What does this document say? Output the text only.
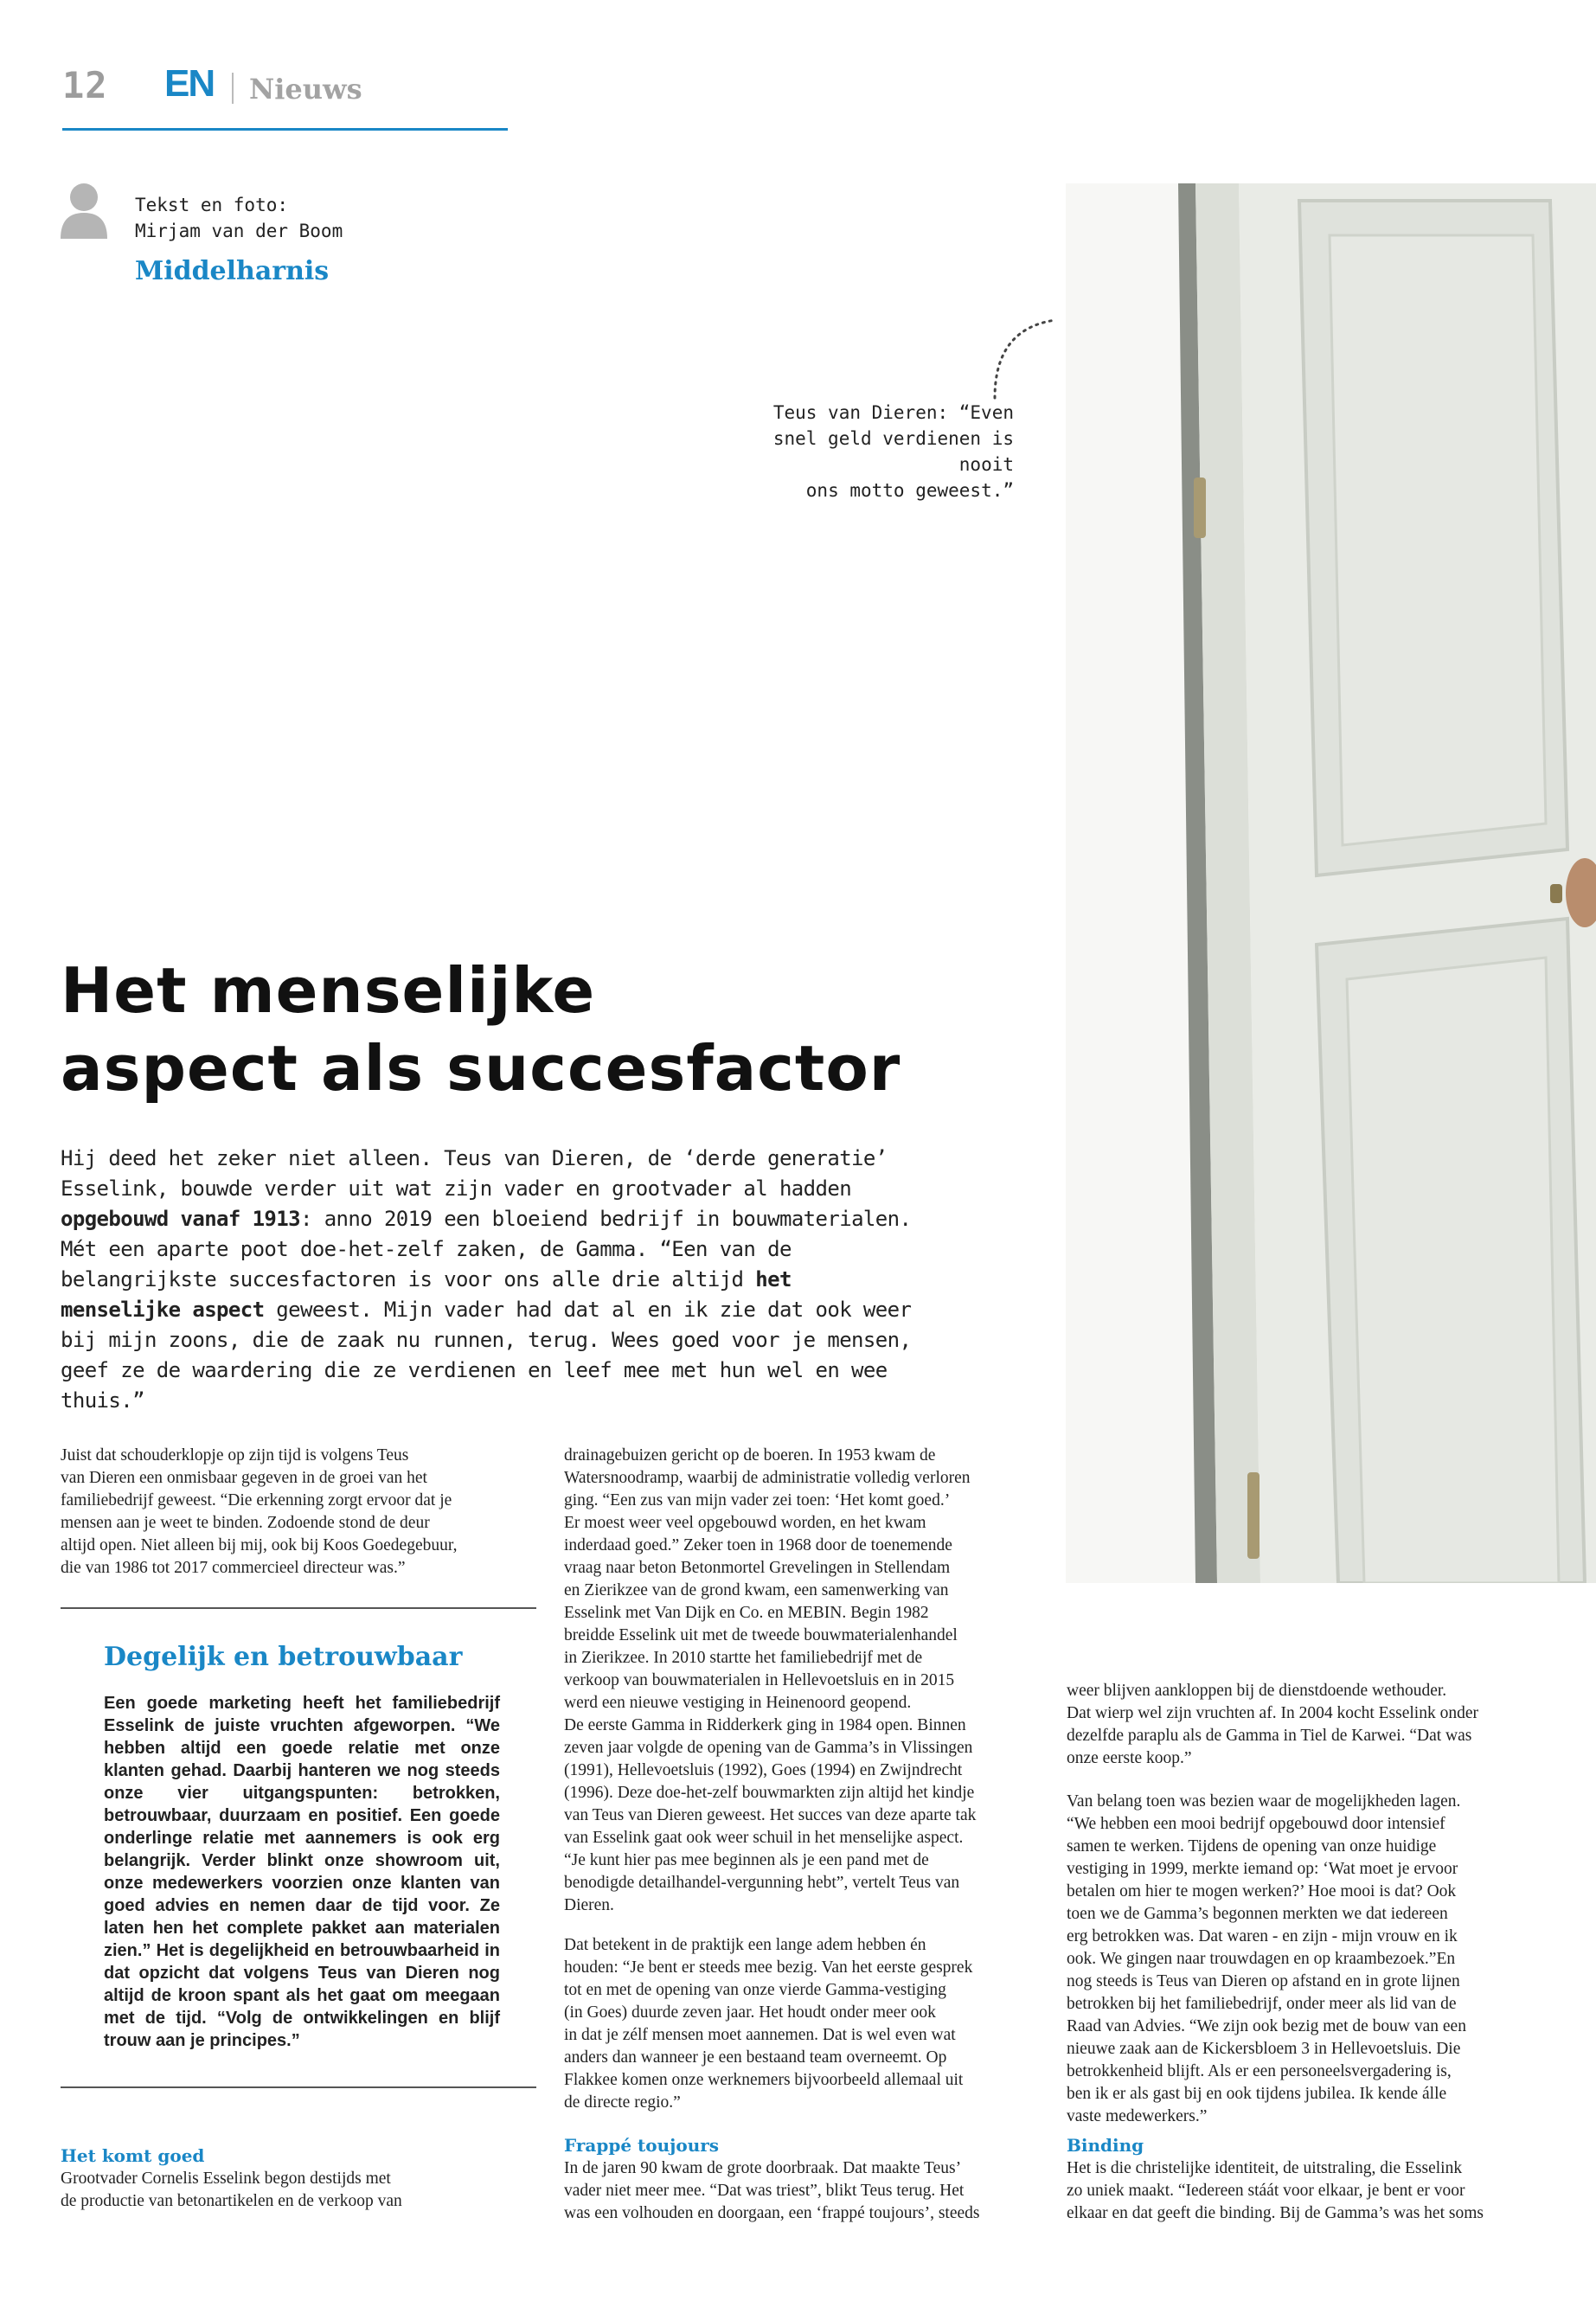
12 EN Nieuws
Tekst en foto:
Mirjam van der Boom
Middelharnis
Teus van Dieren: “Even
snel geld verdienen is nooit
ons motto geweest.”
Het menselijke
aspect als succesfactor
Hij deed het zeker niet alleen. Teus van Dieren, de ‘derde generatie’ Esselink, bouwde verder uit wat zijn vader en grootvader al hadden opgebouwd vanaf 1913: anno 2019 een bloeiend bedrijf in bouwmaterialen. Mét een aparte poot doe-het-zelf zaken, de Gamma. “Een van de belangrijkste succesfactoren is voor ons alle drie altijd het menselijke aspect geweest. Mijn vader had dat al en ik zie dat ook weer bij mijn zoons, die de zaak nu runnen, terug. Wees goed voor je mensen, geef ze de waardering die ze verdienen en leef mee met hun wel en wee thuis.”
Juist dat schouderklopje op zijn tijd is volgens Teus
van Dieren een onmisbaar gegeven in de groei van het
familiebedrijf geweest. “Die erkenning zorgt ervoor dat je
mensen aan je weet te binden. Zodoende stond de deur
altijd open. Niet alleen bij mij, ook bij Koos Goedegebuur,
die van 1986 tot 2017 commercieel directeur was.”
Degelijk en betrouwbaar
Een goede marketing heeft het familiebedrijf Esselink de juiste vruchten afgeworpen. “We hebben altijd een goede relatie met onze klanten gehad. Daarbij hanteren we nog steeds onze vier uitgangspunten: betrokken, betrouwbaar, duurzaam en positief. Een goede onderlinge relatie met aannemers is ook erg belangrijk. Verder blinkt onze showroom uit, onze medewerkers voorzien onze klanten van goed advies en nemen daar de tijd voor. Ze laten hen het complete pakket aan materialen zien.” Het is degelijkheid en betrouwbaarheid in dat opzicht dat volgens Teus van Dieren nog altijd de kroon spant als het gaat om meegaan met de tijd. “Volg de ontwikkelingen en blijf trouw aan je principes.”
Het komt goed
Grootvader Cornelis Esselink begon destijds met
de productie van betonartikelen en de verkoop van
drainagebuizen gericht op de boeren. In 1953 kwam de
Watersnoodramp, waarbij de administratie volledig verloren
ging. “Een zus van mijn vader zei toen: ‘Het komt goed.’
Er moest weer veel opgebouwd worden, en het kwam
inderdaad goed.” Zeker toen in 1968 door de toenemende
vraag naar beton Betonmortel Grevelingen in Stellendam
en Zierikzee van de grond kwam, een samenwerking van
Esselink met Van Dijk en Co. en MEBIN. Begin 1982
breidde Esselink uit met de tweede bouwmaterialenhandel
in Zierikzee. In 2010 startte het familiebedrijf met de
verkoop van bouwmaterialen in Hellevoetsluis en in 2015
werd een nieuwe vestiging in Heinenoord geopend.
De eerste Gamma in Ridderkerk ging in 1984 open. Binnen
zeven jaar volgde de opening van de Gamma’s in Vlissingen
(1991), Hellevoetsluis (1992), Goes (1994) en Zwijndrecht
(1996). Deze doe-het-zelf bouwmarkten zijn altijd het kindje
van Teus van Dieren geweest. Het succes van deze aparte tak
van Esselink gaat ook weer schuil in het menselijke aspect.
“Je kunt hier pas mee beginnen als je een pand met de
benodigde detailhandel-vergunning hebt”, vertelt Teus van
Dieren.
Dat betekent in de praktijk een lange adem hebben én
houden: “Je bent er steeds mee bezig. Van het eerste gesprek
tot en met de opening van onze vierde Gamma-vestiging
(in Goes) duurde zeven jaar. Het houdt onder meer ook
in dat je zélf mensen moet aannemen. Dat is wel even wat
anders dan wanneer je een bestaand team overneemt. Op
Flakkee komen onze werknemers bijvoorbeeld allemaal uit
de directe regio.”
Frappé toujours
In de jaren 90 kwam de grote doorbraak. Dat maakte Teus’
vader niet meer mee. “Dat was triest”, blikt Teus terug. Het
was een volhouden en doorgaan, een ‘frappé toujours’, steeds
weer blijven aankloppen bij de dienstdoende wethouder.
Dat wierp wel zijn vruchten af. In 2004 kocht Esselink onder
dezelfde paraplu als de Gamma in Tiel de Karwei. “Dat was
onze eerste koop.”
Van belang toen was bezien waar de mogelijkheden lagen.
“We hebben een mooi bedrijf opgebouwd door intensief
samen te werken. Tijdens de opening van onze huidige
vestiging in 1999, merkte iemand op: ‘Wat moet je ervoor
betalen om hier te mogen werken?’ Hoe mooi is dat? Ook
toen we de Gamma’s begonnen merkten we dat iedereen
erg betrokken was. Dat waren - en zijn - mijn vrouw en ik
ook. We gingen naar trouwdagen en op kraambezoek.”En
nog steeds is Teus van Dieren op afstand en in grote lijnen
betrokken bij het familiebedrijf, onder meer als lid van de
Raad van Advies. “We zijn ook bezig met de bouw van een
nieuwe zaak aan de Kickersbloem 3 in Hellevoetsluis. Die
betrokkenheid blijft. Als er een personeelsvergadering is,
ben ik er als gast bij en ook tijdens jubilea. Ik kende álle
vaste medewerkers.”
Binding
Het is die christelijke identiteit, de uitstraling, die Esselink
zo uniek maakt. “Iedereen stáát voor elkaar, je bent er voor
elkaar en dat geeft die binding. Bij de Gamma’s was het soms
